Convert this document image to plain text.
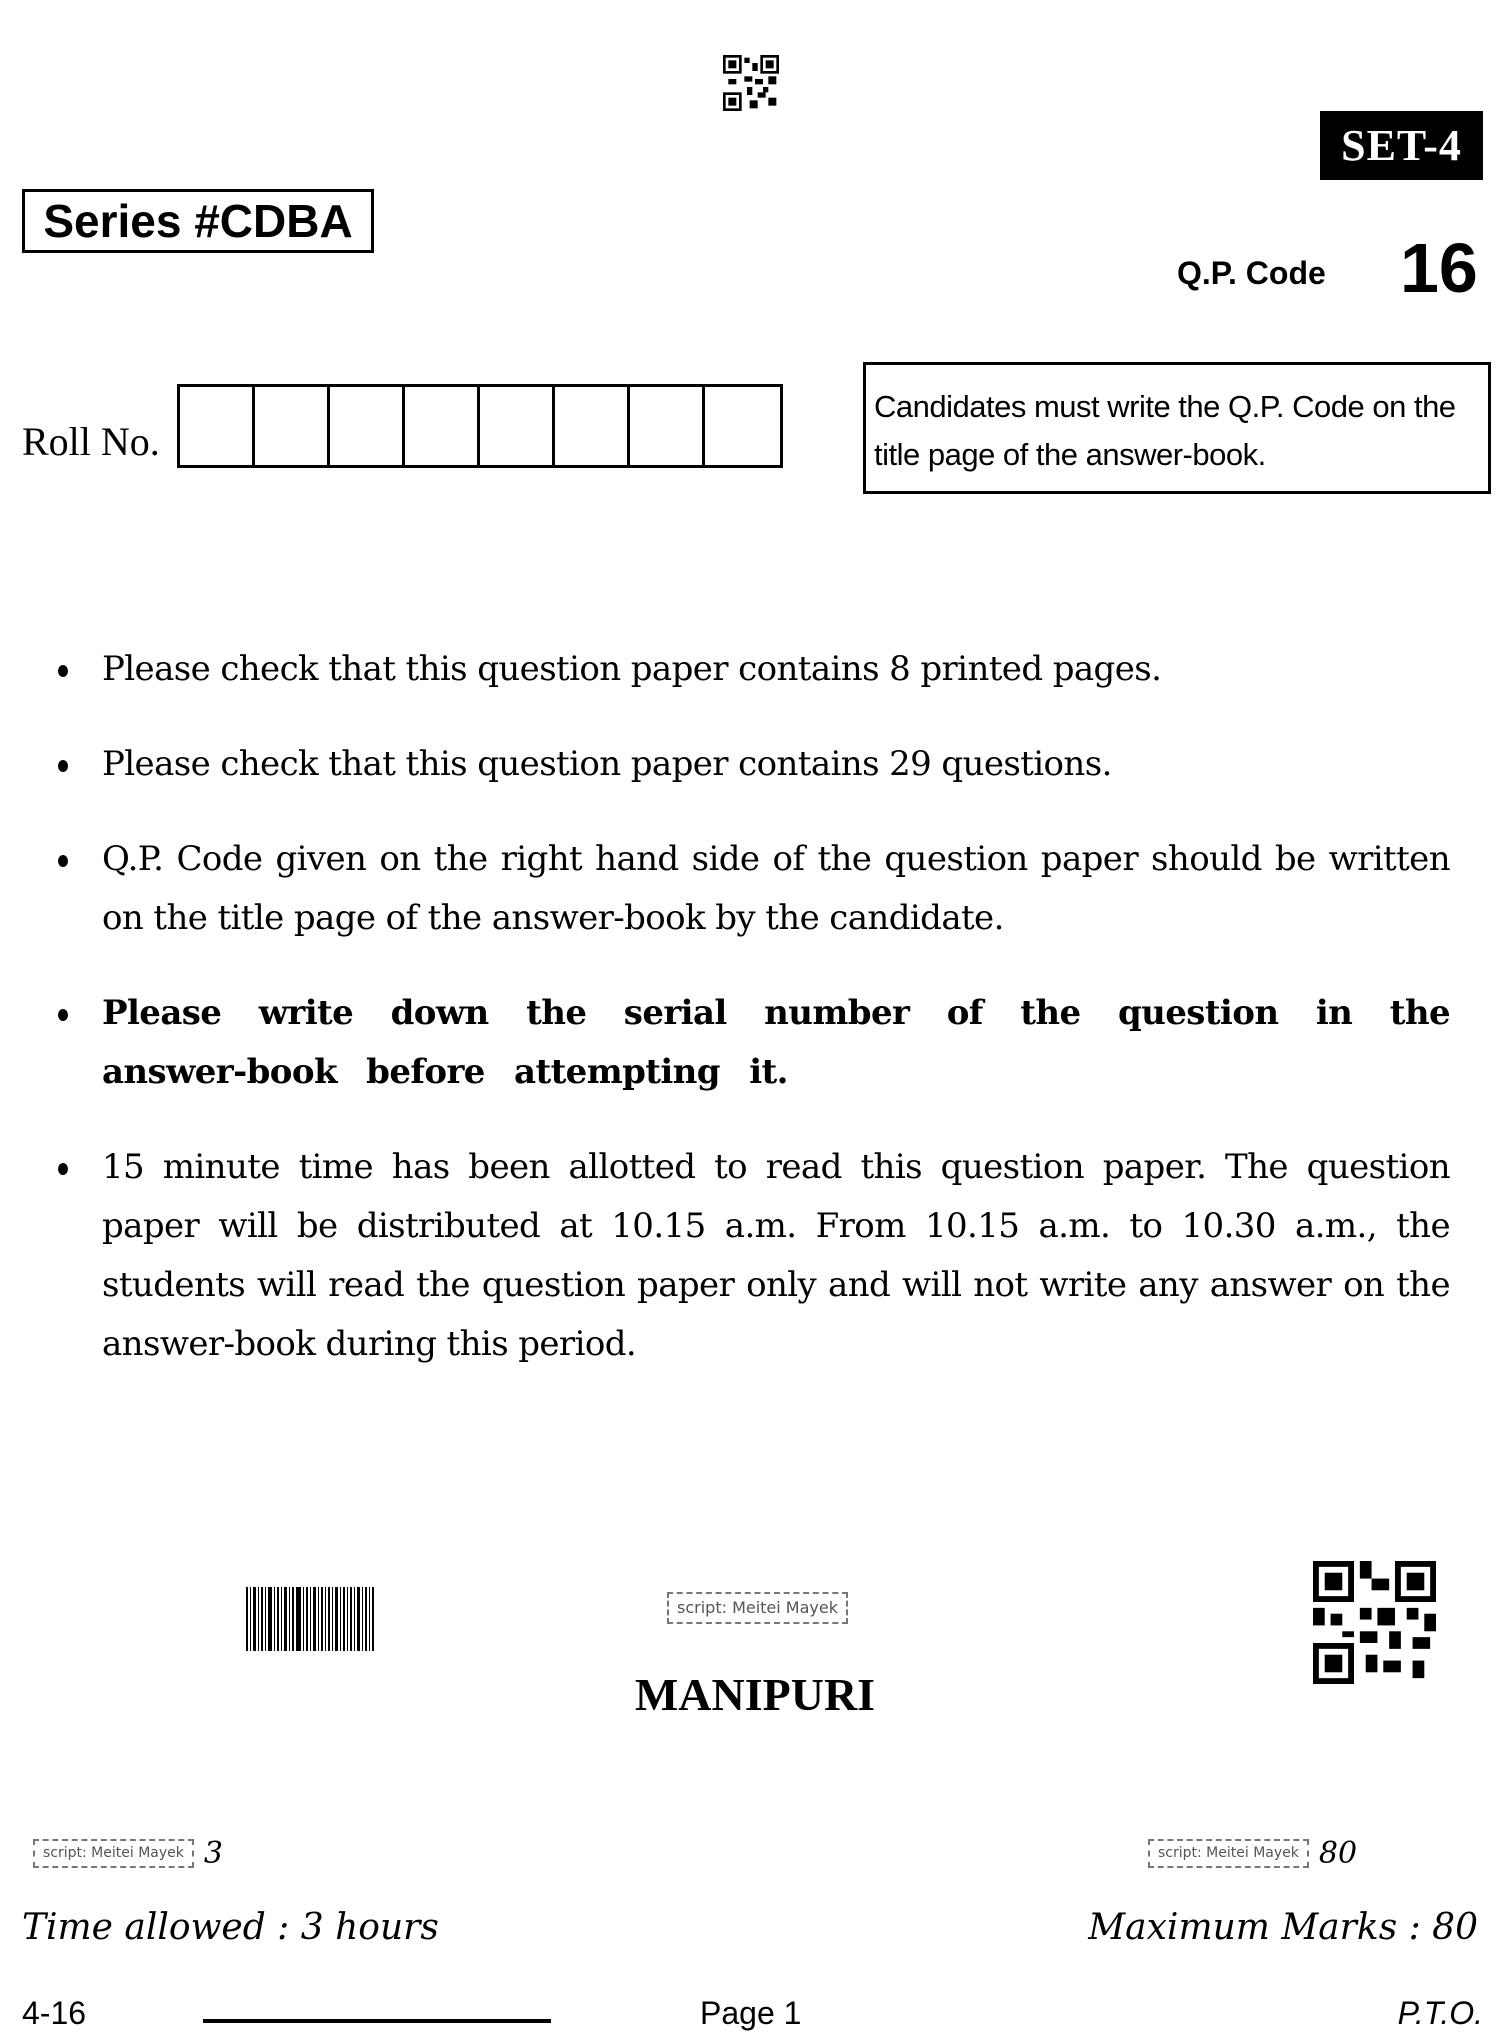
SET-4
Series #CDBA
Q.P. Code 16
Roll No.
Candidates must write the Q.P. Code on the title page of the answer-book.
Please check that this question paper contains 8 printed pages.
Please check that this question paper contains 29 questions.
Q.P. Code given on the right hand side of the question paper should be written on the title page of the answer-book by the candidate.
Please write down the serial number of the question in the answer-book before attempting it.
15 minute time has been allotted to read this question paper. The question paper will be distributed at 10.15 a.m. From 10.15 a.m. to 10.30 a.m., the students will read the question paper only and will not write any answer on the answer-book during this period.
script: Meitei Mayek
MANIPURI
script: Meitei Mayek 3	script: Meitei Mayek 80
Time allowed : 3 hours	Maximum Marks : 80
4-16	Page 1	P.T.O.
